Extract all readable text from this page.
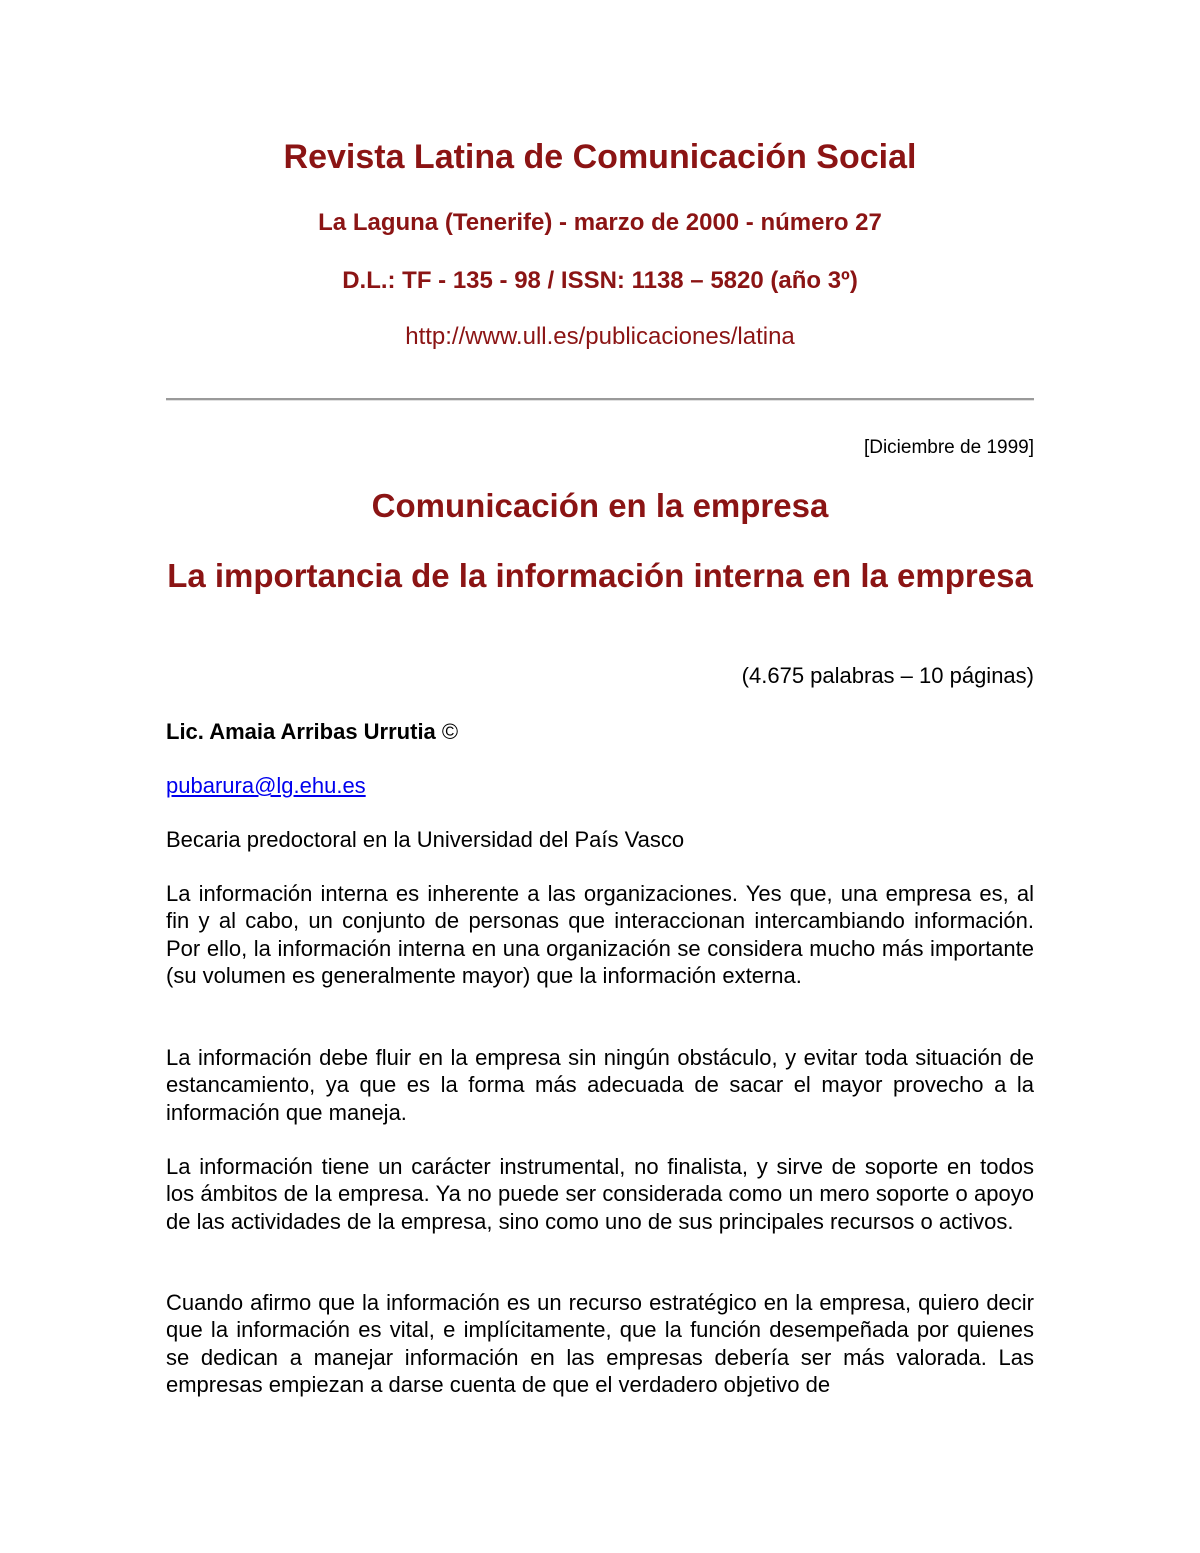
Revista Latina de Comunicación Social
La Laguna (Tenerife) - marzo de 2000 - número 27
D.L.: TF - 135 - 98 / ISSN: 1138 – 5820 (año 3º)
http://www.ull.es/publicaciones/latina
[Diciembre de 1999]
Comunicación en la empresa
La importancia de la información interna en la empresa
(4.675 palabras – 10 páginas)
Lic. Amaia Arribas Urrutia ©
pubarura@lg.ehu.es
Becaria predoctoral en la Universidad del País Vasco

La información interna es inherente a las organizaciones. Yes que, una empresa es, al fin y al cabo, un conjunto de personas que interaccionan intercambiando información. Por ello, la información interna en una organización se considera mucho más importante (su volumen es generalmente mayor) que la información externa.

La información debe fluir en la empresa sin ningún obstáculo, y evitar toda situación de estancamiento, ya que es la forma más adecuada de sacar el mayor provecho a la información que maneja.

La información tiene un carácter instrumental, no finalista, y sirve de soporte en todos los ámbitos de la empresa. Ya no puede ser considerada como un mero soporte o apoyo de las actividades de la empresa, sino como uno de sus principales recursos o activos.

Cuando afirmo que la información es un recurso estratégico en la empresa, quiero decir que la información es vital, e implícitamente, que la función desempeñada por quienes se dedican a manejar información en las empresas debería ser más valorada. Las empresas empiezan a darse cuenta de que el verdadero objetivo de
